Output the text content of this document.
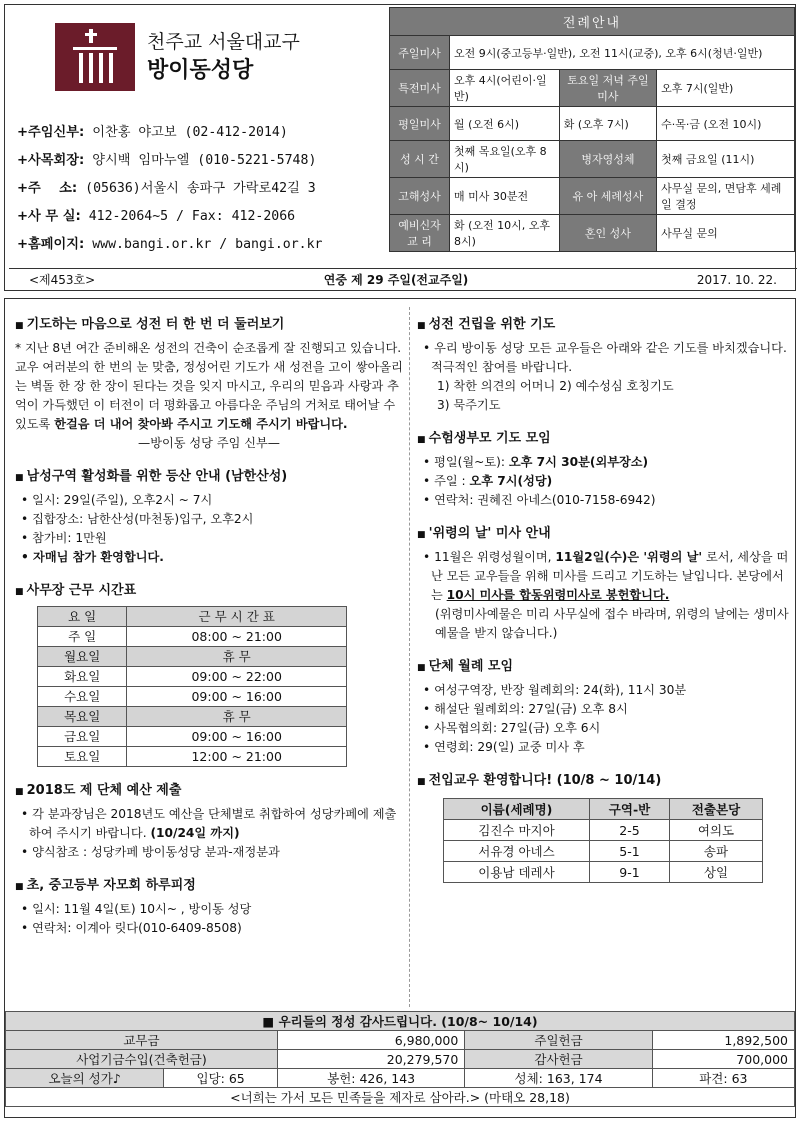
천주교 서울대교구
방이동성당
+주임신부: 이찬홍 야고보 (02-412-2014)
+사목회장: 양시백 임마누엘 (010-5221-5748)
+주    소: (05636)서울시 송파구 가락로42길 3
+사 무 실: 412-2064~5 / Fax: 412-2066
+홈페이지: www.bangi.or.kr / bangi.or.kr
전례안내			
주일미사	오전 9시(중고등부·일반), 오전 11시(교중), 오후 6시(청년·일반)		
특전미사	오후 4시(어린이·일반)	토요일 저녁 주일 미사	오후 7시(일반)
평일미사	월 (오전 6시)	화 (오후 7시)	수·목·금 (오전 10시)
성 시 간	첫째 목요일(오후 8시)	병자영성체	첫째 금요일 (11시)
고해성사	매 미사 30분전	유 아 세례성사	사무실 문의, 면담후 세례일 결정
예비신자 교 리	화 (오전 10시, 오후 8시)	혼인 성사	사무실 문의
<제453호>	연중 제 29 주일(전교주일)	2017. 10. 22.
■ 기도하는 마음으로 성전 터 한 번 더 둘러보기
* 지난 8년 여간 준비해온 성전의 건축이 순조롭게 잘 진행되고 있습니다. 교우 여러분의 한 번의 눈 맞춤, 정성어린 기도가 새 성전을 고이 쌓아올리는 벽돌 한 장 한 장이 된다는 것을 잊지 마시고, 우리의 믿음과 사랑과 추억이 가득했던 이 터전이 더 평화롭고 아름다운 주님의 거처로 태어날 수 있도록 한걸음 더 내어 찾아봐 주시고 기도해 주시기 바랍니다.
—방이동 성당 주임 신부—
■ 남성구역 활성화를 위한 등산 안내 (남한산성)
• 일시: 29일(주일), 오후2시 ~ 7시
• 집합장소: 남한산성(마천동)입구, 오후2시
• 참가비: 1만원
• 자매님 참가 환영합니다.
■ 사무장 근무 시간표
요 일	근 무 시 간 표
주 일	08:00 ~ 21:00
월요일	휴 무
화요일	09:00 ~ 22:00
수요일	09:00 ~ 16:00
목요일	휴 무
금요일	09:00 ~ 16:00
토요일	12:00 ~ 21:00
■ 2018도 제 단체 예산 제출
• 각 분과장님은 2018년도 예산을 단체별로 취합하여 성당카페에 제출하여 주시기 바랍니다. (10/24일 까지)
• 양식참조 : 성당카페 방이동성당 분과-재정분과
■ 초, 중고등부 자모회 하루피정
• 일시: 11월 4일(토) 10시~ , 방이동 성당
• 연락처: 이계아 릿다(010-6409-8508)
■ 성전 건립을 위한 기도
• 우리 방이동 성당 모든 교우들은 아래와 같은 기도를 바치겠습니다. 적극적인 참여를 바랍니다.
1) 착한 의견의 어머니 2) 예수성심 호칭기도
3) 묵주기도
■ 수험생부모 기도 모임
• 평일(월~토): 오후 7시 30분(외부장소)
• 주일 : 오후 7시(성당)
• 연락처: 권혜진 아네스(010-7158-6942)
■ '위령의 날' 미사 안내
• 11월은 위령성월이며, 11월2일(수)은 '위령의 날' 로서, 세상을 떠난 모든 교우들을 위해 미사를 드리고 기도하는 날입니다. 본당에서는 10시 미사를 합동위령미사로 봉헌합니다.
(위령미사예물은 미리 사무실에 접수 바라며, 위령의 날에는 생미사 예물을 받지 않습니다.)
■ 단체 월례 모임
• 여성구역장, 반장 월례회의: 24(화), 11시 30분
• 해설단 월례회의: 27일(금) 오후 8시
• 사목협의회: 27일(금) 오후 6시
• 연령회: 29(일) 교중 미사 후
■ 전입교우 환영합니다! (10/8 ~ 10/14)
이름(세례명)	구역-반	전출본당
김진수 마지아	2-5	여의도
서유경 아네스	5-1	송파
이용남 데레사	9-1	상일
■ 우리들의 정성 감사드립니다. (10/8~ 10/14)				
교무금		6,980,000	주일헌금	1,892,500
사업기금수입(건축헌금)		20,279,570	감사헌금	700,000
오늘의 성가♪	입당: 65	봉헌: 426, 143	성체: 163, 174	파견: 63
<너희는 가서 모든 민족들을 제자로 삼아라.> (마태오 28,18)				
